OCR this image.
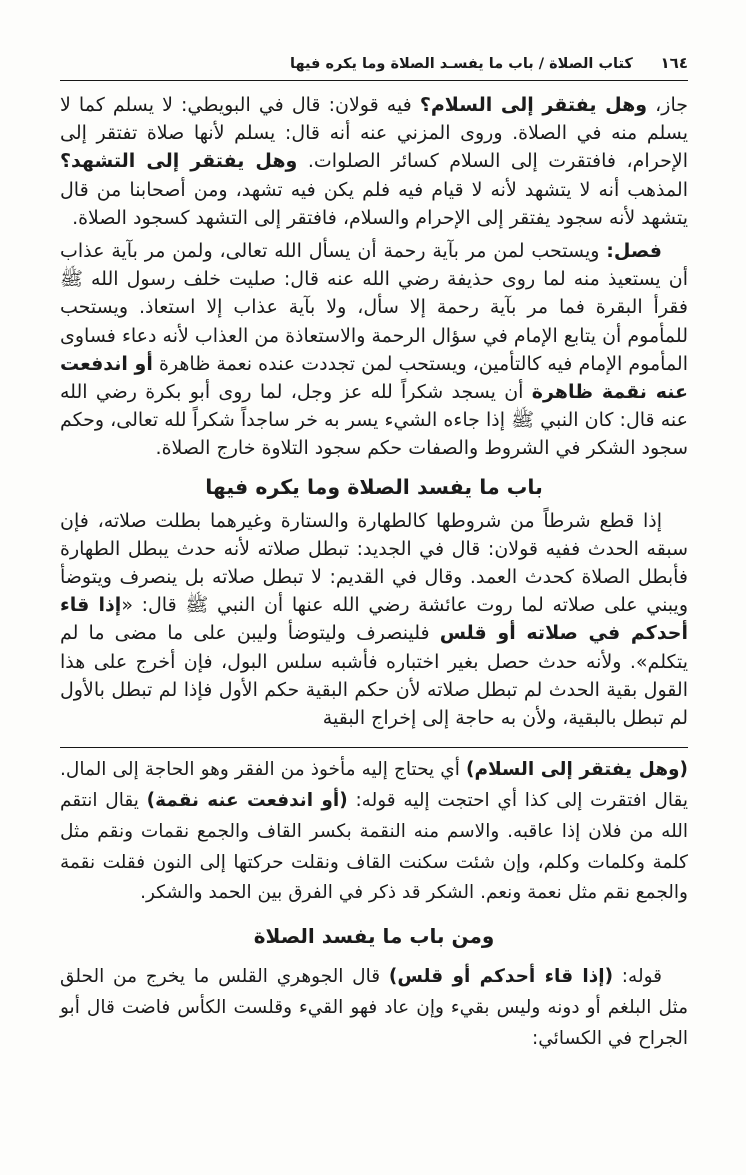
١٦٤
كتاب الصلاة / باب ما يفسـد الصلاة وما يكره فيها

جاز، وهل يفتقر إلى السلام؟ فيه قولان: قال في البويطي: لا يسلم كما لا يسلم منه في الصلاة. وروى المزني عنه أنه قال: يسلم لأنها صلاة تفتقر إلى الإحرام، فافتقرت إلى السلام كسائر الصلوات. وهل يفتقر إلى التشهد؟ المذهب أنه لا يتشهد لأنه لا قيام فيه فلم يكن فيه تشهد، ومن أصحابنا من قال يتشهد لأنه سجود يفتقر إلى الإحرام والسلام، فافتقر إلى التشهد كسجود الصلاة.

فصل: ويستحب لمن مر بآية رحمة أن يسأل الله تعالى، ولمن مر بآية عذاب أن يستعيذ منه لما روى حذيفة رضي الله عنه قال: صليت خلف رسول الله ﷺ فقرأ البقرة فما مر بآية رحمة إلا سأل، ولا بآية عذاب إلا استعاذ. ويستحب للمأموم أن يتابع الإمام في سؤال الرحمة والاستعاذة من العذاب لأنه دعاء فساوى المأموم الإمام فيه كالتأمين، ويستحب لمن تجددت عنده نعمة ظاهرة أو اندفعت عنه نقمة ظاهرة أن يسجد شكراً لله عز وجل، لما روى أبو بكرة رضي الله عنه قال: كان النبي ﷺ إذا جاءه الشيء يسر به خر ساجداً شكراً لله تعالى، وحكم سجود الشكر في الشروط والصفات حكم سجود التلاوة خارج الصلاة.

باب ما يفسد الصلاة وما يكره فيها

إذا قطع شرطاً من شروطها كالطهارة والستارة وغيرهما بطلت صلاته، فإن سبقه الحدث ففيه قولان: قال في الجديد: تبطل صلاته لأنه حدث يبطل الطهارة فأبطل الصلاة كحدث العمد. وقال في القديم: لا تبطل صلاته بل ينصرف ويتوضأ ويبني على صلاته لما روت عائشة رضي الله عنها أن النبي ﷺ قال: «إذا قاء أحدكم في صلاته أو قلس فلينصرف وليتوضأ وليبن على ما مضى ما لم يتكلم». ولأنه حدث حصل بغير اختباره فأشبه سلس البول، فإن أخرج على هذا القول بقية الحدث لم تبطل صلاته لأن حكم البقية حكم الأول فإذا لم تبطل بالأول لم تبطل بالبقية، ولأن به حاجة إلى إخراج البقية

(وهل يفتقر إلى السلام) أي يحتاج إليه مأخوذ من الفقر وهو الحاجة إلى المال. يقال افتقرت إلى كذا أي احتجت إليه قوله: (أو اندفعت عنه نقمة) يقال انتقم الله من فلان إذا عاقبه. والاسم منه النقمة بكسر القاف والجمع نقمات ونقم مثل كلمة وكلمات وكلم، وإن شئت سكنت القاف ونقلت حركتها إلى النون فقلت نقمة والجمع نقم مثل نعمة ونعم. الشكر قد ذكر في الفرق بين الحمد والشكر.

ومن باب ما يفسد الصلاة

قوله: (إذا قاء أحدكم أو قلس) قال الجوهري القلس ما يخرج من الحلق مثل البلغم أو دونه وليس بقيء وإن عاد فهو القيء وقلست الكأس فاضت قال أبو الجراح في الكسائي:
